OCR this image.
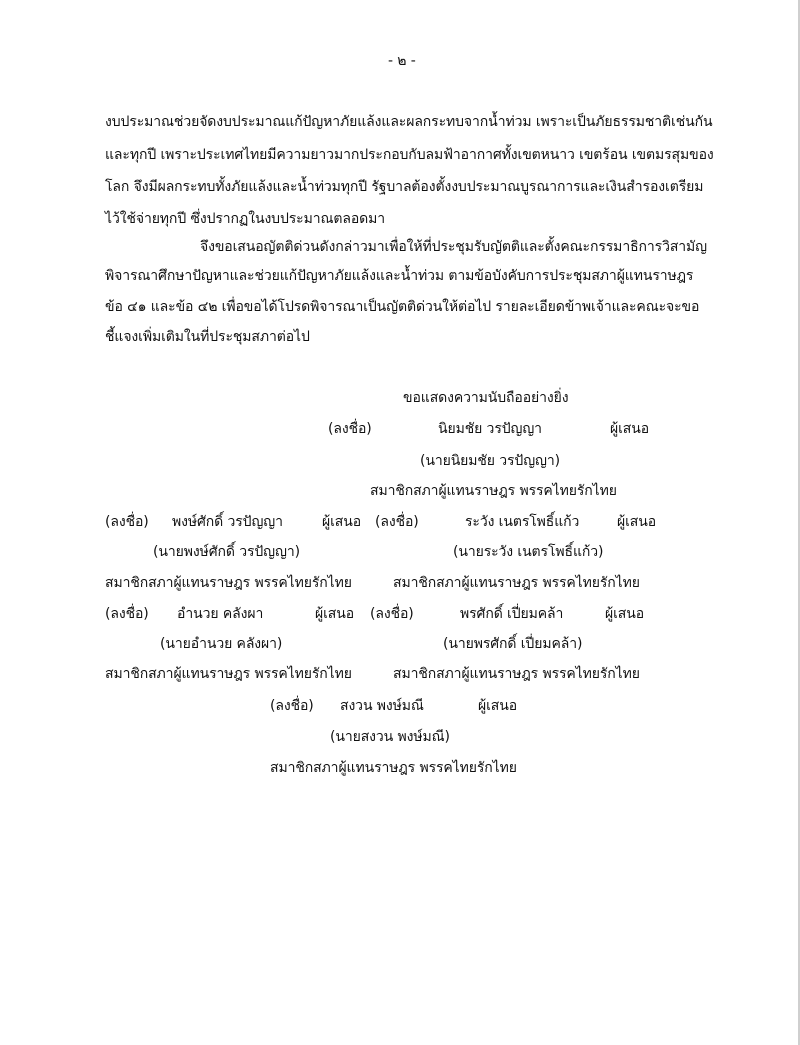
- ๒ -
งบประมาณช่วยจัดงบประมาณแก้ปัญหาภัยแล้งและผลกระทบจากน้ำท่วม เพราะเป็นภัยธรรมชาติเช่นกัน
และทุกปี เพราะประเทศไทยมีความยาวมากประกอบกับลมฟ้าอากาศทั้งเขตหนาว เขตร้อน เขตมรสุมของ
โลก จึงมีผลกระทบทั้งภัยแล้งและน้ำท่วมทุกปี รัฐบาลต้องตั้งงบประมาณบูรณาการและเงินสำรองเตรียม
ไว้ใช้จ่ายทุกปี ซึ่งปรากฏในงบประมาณตลอดมา
จึงขอเสนอญัตติด่วนดังกล่าวมาเพื่อให้ที่ประชุมรับญัตติและตั้งคณะกรรมาธิการวิสามัญ
พิจารณาศึกษาปัญหาและช่วยแก้ปัญหาภัยแล้งและน้ำท่วม ตามข้อบังคับการประชุมสภาผู้แทนราษฎร
ข้อ ๔๑ และข้อ ๔๒ เพื่อขอได้โปรดพิจารณาเป็นญัตติด่วนให้ต่อไป รายละเอียดข้าพเจ้าและคณะจะขอ
ชี้แจงเพิ่มเติมในที่ประชุมสภาต่อไป
ขอแสดงความนับถืออย่างยิ่ง
(ลงชื่อ)	นิยมชัย วรปัญญา	ผู้เสนอ
(นายนิยมชัย วรปัญญา)
สมาชิกสภาผู้แทนราษฎร พรรคไทยรักไทย
(ลงชื่อ) พงษ์ศักดิ์ วรปัญญา	ผู้เสนอ (ลงชื่อ)	ระวัง เนตรโพธิ์แก้ว	ผู้เสนอ
(นายพงษ์ศักดิ์ วรปัญญา)	(นายระวัง เนตรโพธิ์แก้ว)
สมาชิกสภาผู้แทนราษฎร พรรคไทยรักไทย	สมาชิกสภาผู้แทนราษฎร พรรคไทยรักไทย
(ลงชื่อ) อำนวย คลังผา	ผู้เสนอ (ลงชื่อ)	พรศักดิ์ เปี่ยมคล้า	ผู้เสนอ
(นายอำนวย คลังผา)	(นายพรศักดิ์ เปี่ยมคล้า)
สมาชิกสภาผู้แทนราษฎร พรรคไทยรักไทย	สมาชิกสภาผู้แทนราษฎร พรรคไทยรักไทย
(ลงชื่อ) สงวน พงษ์มณี	ผู้เสนอ
(นายสงวน พงษ์มณี)
สมาชิกสภาผู้แทนราษฎร พรรคไทยรักไทย
